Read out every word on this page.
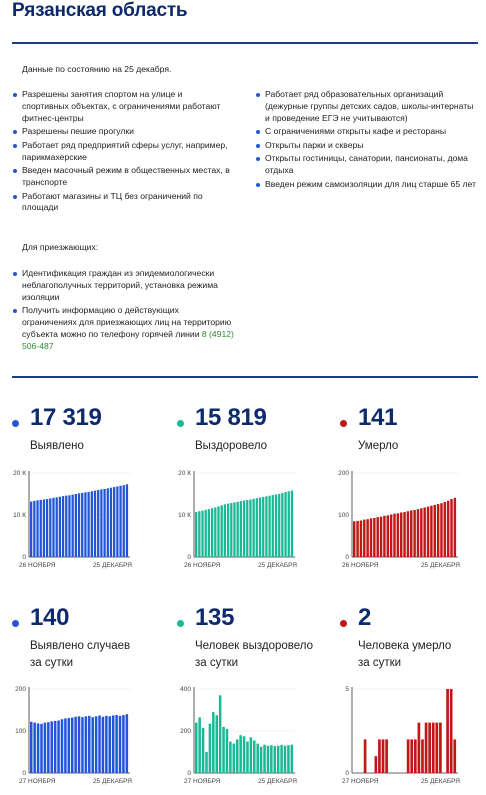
Рязанская область
Данные по состоянию на 25 декабря.
Разрешены занятия спортом на улице и спортивных объектах, с ограничениями работают фитнес-центры
Разрешены пешие прогулки
Работает ряд предприятий сферы услуг, например, парикмахерские
Введен масочный режим в общественных местах, в транспорте
Работают магазины и ТЦ без ограничений по площади
Работает ряд образовательных организаций (дежурные группы детских садов, школы-интернаты и проведение ЕГЭ не учитываются)
С ограничениями открыты кафе и рестораны
Открыты парки и скверы
Открыты гостиницы, санатории, пансионаты, дома отдыха
Введен режим самоизоляции для лиц старше 65 лет
Для приезжающих:
Идентификация граждан из эпидемиологически неблагополучных территорий, установка режима изоляции
Получить информацию о действующих ограничениях для приезжающих лиц на территорию субъекта можно по телефону горячей линии 8 (4912) 506-487
17 319
Выявлено
0
10 К
20 К
26 НОЯБРЯ	25 ДЕКАБРЯ
15 819
Выздоровело
0
10 К
20 К
26 НОЯБРЯ	25 ДЕКАБРЯ
141
Умерло
0
100
200
26 НОЯБРЯ	25 ДЕКАБРЯ
140
Выявлено случаев
за сутки
0
100
200
27 НОЯБРЯ	25 ДЕКАБРЯ
135
Человек выздоровело
за сутки
0
200
400
27 НОЯБРЯ	25 ДЕКАБРЯ
2
Человека умерло
за сутки
0
5
27 НОЯБРЯ	25 ДЕКАБРЯ
